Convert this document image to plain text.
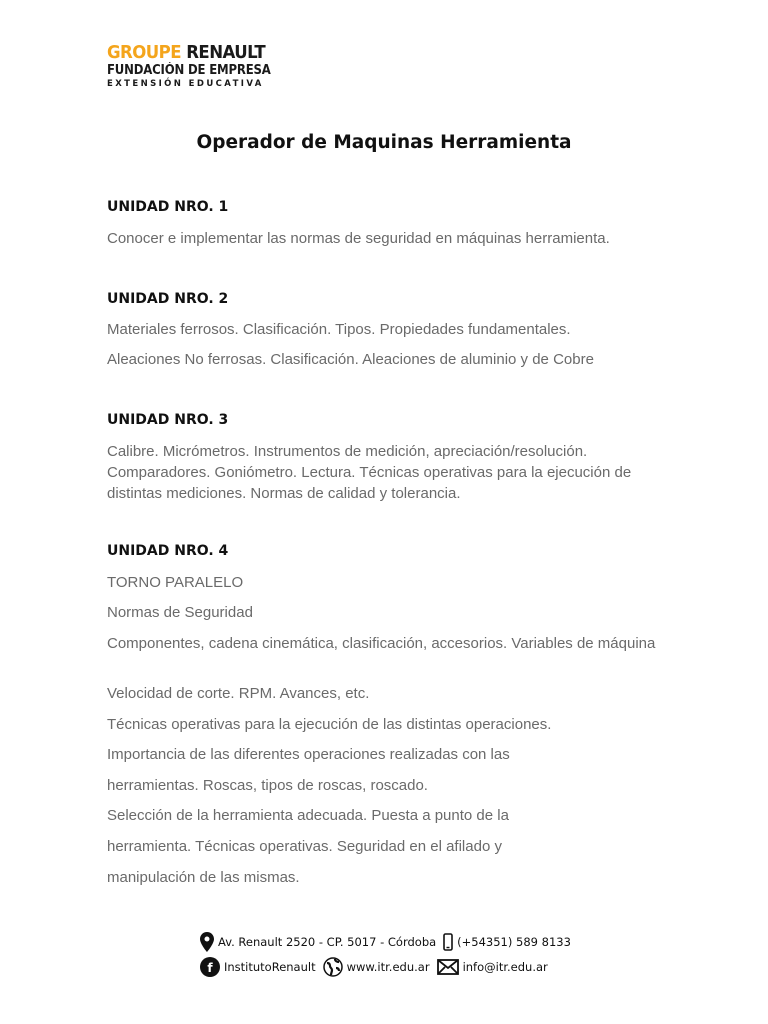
GROUPE RENAULT
FUNDACIÓN DE EMPRESA
EXTENSIÓN EDUCATIVA
Operador de Maquinas Herramienta
UNIDAD NRO. 1
Conocer e implementar las normas de seguridad en máquinas herramienta.
UNIDAD NRO. 2
Materiales ferrosos. Clasificación. Tipos. Propiedades fundamentales.
Aleaciones No ferrosas. Clasificación. Aleaciones de aluminio y de Cobre
UNIDAD NRO. 3
Calibre. Micrómetros. Instrumentos de medición, apreciación/resolución. Comparadores. Goniómetro. Lectura. Técnicas operativas para la ejecución de distintas mediciones. Normas de calidad y tolerancia.
UNIDAD NRO. 4
TORNO PARALELO
Normas de Seguridad
Componentes, cadena cinemática, clasificación, accesorios. Variables de máquina
Velocidad de corte. RPM. Avances, etc.
Técnicas operativas para la ejecución de las distintas operaciones.
Importancia de las diferentes operaciones realizadas con las
herramientas. Roscas, tipos de roscas, roscado.
Selección de la herramienta adecuada. Puesta a punto de la
herramienta. Técnicas operativas. Seguridad en el afilado y
manipulación de las mismas.
Av. Renault 2520 - CP. 5017 - Córdoba (+54351) 589 8133
f InstitutoRenault	www.itr.edu.ar	info@itr.edu.ar
